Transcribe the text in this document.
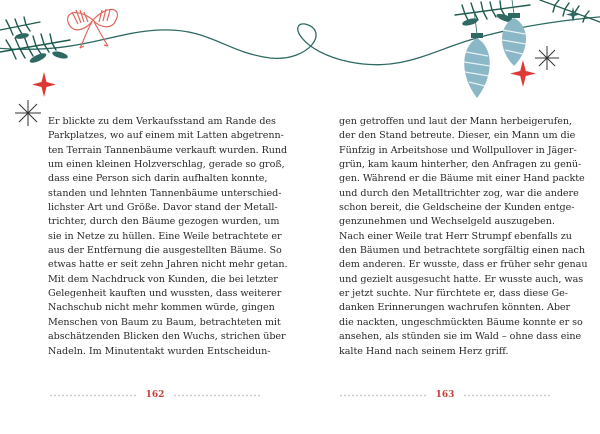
Er blickte zu dem Verkaufsstand am Rande des
Parkplatzes, wo auf einem mit Latten abgetrenn-
ten Terrain Tannenbäume verkauft wurden. Rund
um einen kleinen Holzverschlag, gerade so groß,
dass eine Person sich darin aufhalten konnte,
standen und lehnten Tannenbäume unterschied-
lichster Art und Größe. Davor stand der Metall-
trichter, durch den Bäume gezogen wurden, um
sie in Netze zu hüllen. Eine Weile betrachtete er
aus der Entfernung die ausgestellten Bäume. So
etwas hatte er seit zehn Jahren nicht mehr getan.
Mit dem Nachdruck von Kunden, die bei letzter
Gelegenheit kauften und wussten, dass weiterer
Nachschub nicht mehr kommen würde, gingen
Menschen von Baum zu Baum, betrachteten mit
abschätzenden Blicken den Wuchs, strichen über
Nadeln. Im Minutentakt wurden Entscheidun-
gen getroffen und laut der Mann herbeigerufen,
der den Stand betreute. Dieser, ein Mann um die
Fünfzig in Arbeitshose und Wollpullover in Jäger-
grün, kam kaum hinterher, den Anfragen zu genü-
gen. Während er die Bäume mit einer Hand packte
und durch den Metalltrichter zog, war die andere
schon bereit, die Geldscheine der Kunden entge-
genzunehmen und Wechselgeld auszugeben.
Nach einer Weile trat Herr Strumpf ebenfalls zu
den Bäumen und betrachtete sorgfältig einen nach
dem anderen. Er wusste, dass er früher sehr genau
und gezielt ausgesucht hatte. Er wusste auch, was
er jetzt suchte. Nur fürchtete er, dass diese Ge-
danken Erinnerungen wachrufen könnten. Aber
die nackten, ungeschmückten Bäume konnte er so
ansehen, als stünden sie im Wald – ohne dass eine
kalte Hand nach seinem Herz griff.
162	163
